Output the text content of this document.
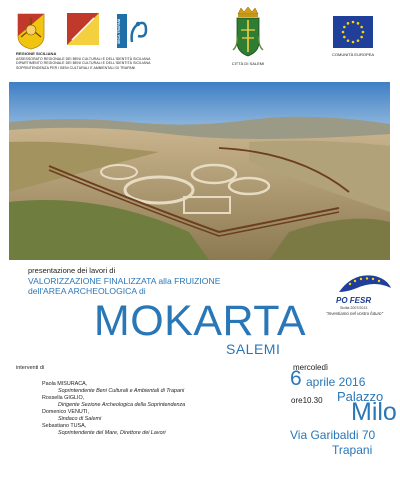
SBCA TRAPANI
REGIONE SICILIANA
ASSESSORATO REGIONALE DEI BENI CULTURALI E DELL'IDENTITÀ SICILIANA
DIPARTIMENTO REGIONALE DEI BENI CULTURALI E DELL'IDENTITÀ SICILIANA
SOPRINTENDENZA PER I BENI CULTURALI E AMBIENTALI DI TRAPANI
CITTÀ DI SALEMI
COMUNITÀ EUROPEA
presentazione dei lavori di
VALORIZZAZIONE FINALIZZATA alla FRUIZIONE
dell'AREA ARCHEOLOGICA di
PO FESR
Sicilia 2007/2013
"Investiamo nel vostro futuro"
MOKARTA
SALEMI
interventi di
Paola MISURACA,
Soprintendente Beni Culturali e Ambientali di Trapani
Rossella GIGLIO,
Dirigente Sezione Archeologica della Soprintendenza
Domenico VENUTI,
Sindaco di Salemi
Sebastiano TUSA,
Soprintendente del Mare, Direttore dei Lavori
mercoledì
6 aprile 2016
ore10.30 Palazzo
Milo
Via Garibaldi 70
Trapani
